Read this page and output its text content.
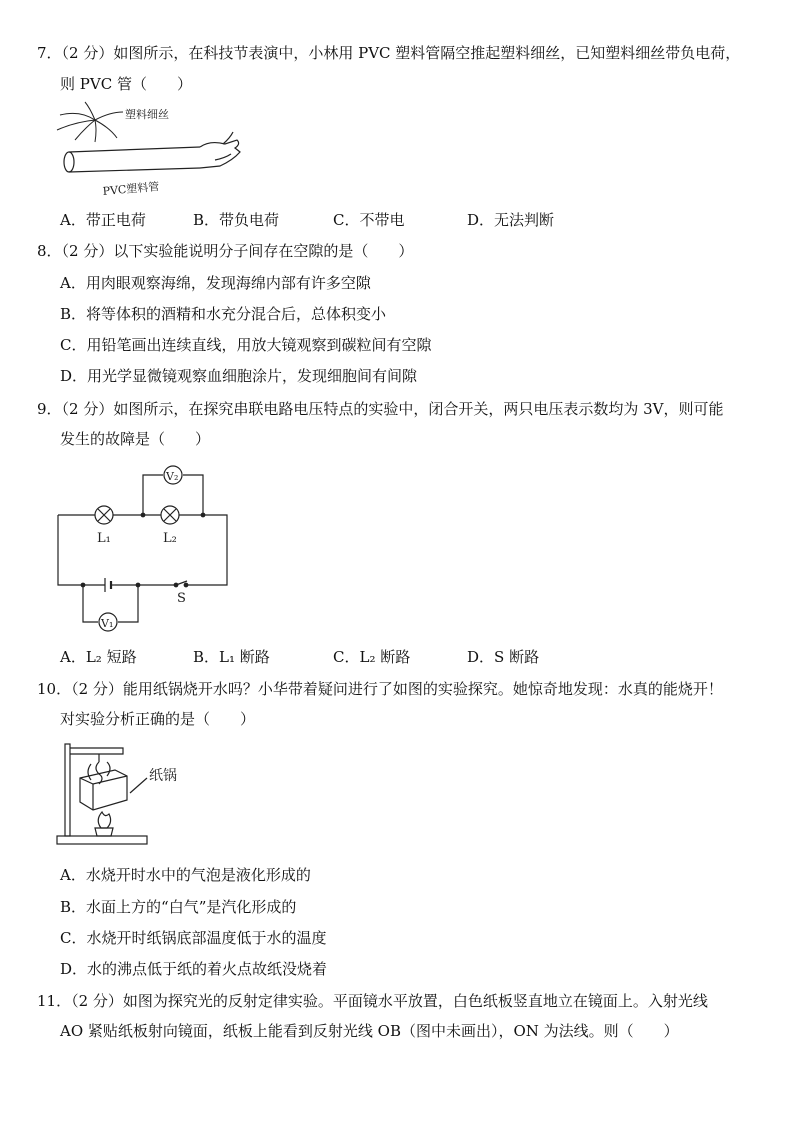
7．（2 分）如图所示，在科技节表演中，小林用 PVC 塑料管隔空推起塑料细丝，已知塑料细丝带负电荷，
则 PVC 管（　　）
塑料细丝
PVC塑料管
A．带正电荷	B．带负电荷	C．不带电	D．无法判断
8．（2 分）以下实验能说明分子间存在空隙的是（　　）
A．用肉眼观察海绵，发现海绵内部有许多空隙
B．将等体积的酒精和水充分混合后，总体积变小
C．用铅笔画出连续直线，用放大镜观察到碳粒间有空隙
D．用光学显微镜观察血细胞涂片，发现细胞间有间隙
9．（2 分）如图所示，在探究串联电路电压特点的实验中，闭合开关，两只电压表示数均为 3V，则可能
发生的故障是（　　）
V₂
V₁
L₁	L₂
S
A．L₂ 短路	B．L₁ 断路	C．L₂ 断路	D．S 断路
10．（2 分）能用纸锅烧开水吗？小华带着疑问进行了如图的实验探究。她惊奇地发现：水真的能烧开！
对实验分析正确的是（　　）
纸锅
A．水烧开时水中的气泡是液化形成的
B．水面上方的“白气”是汽化形成的
C．水烧开时纸锅底部温度低于水的温度
D．水的沸点低于纸的着火点故纸没烧着
11．（2 分）如图为探究光的反射定律实验。平面镜水平放置，白色纸板竖直地立在镜面上。入射光线
AO 紧贴纸板射向镜面，纸板上能看到反射光线 OB（图中未画出），ON 为法线。则（　　）
